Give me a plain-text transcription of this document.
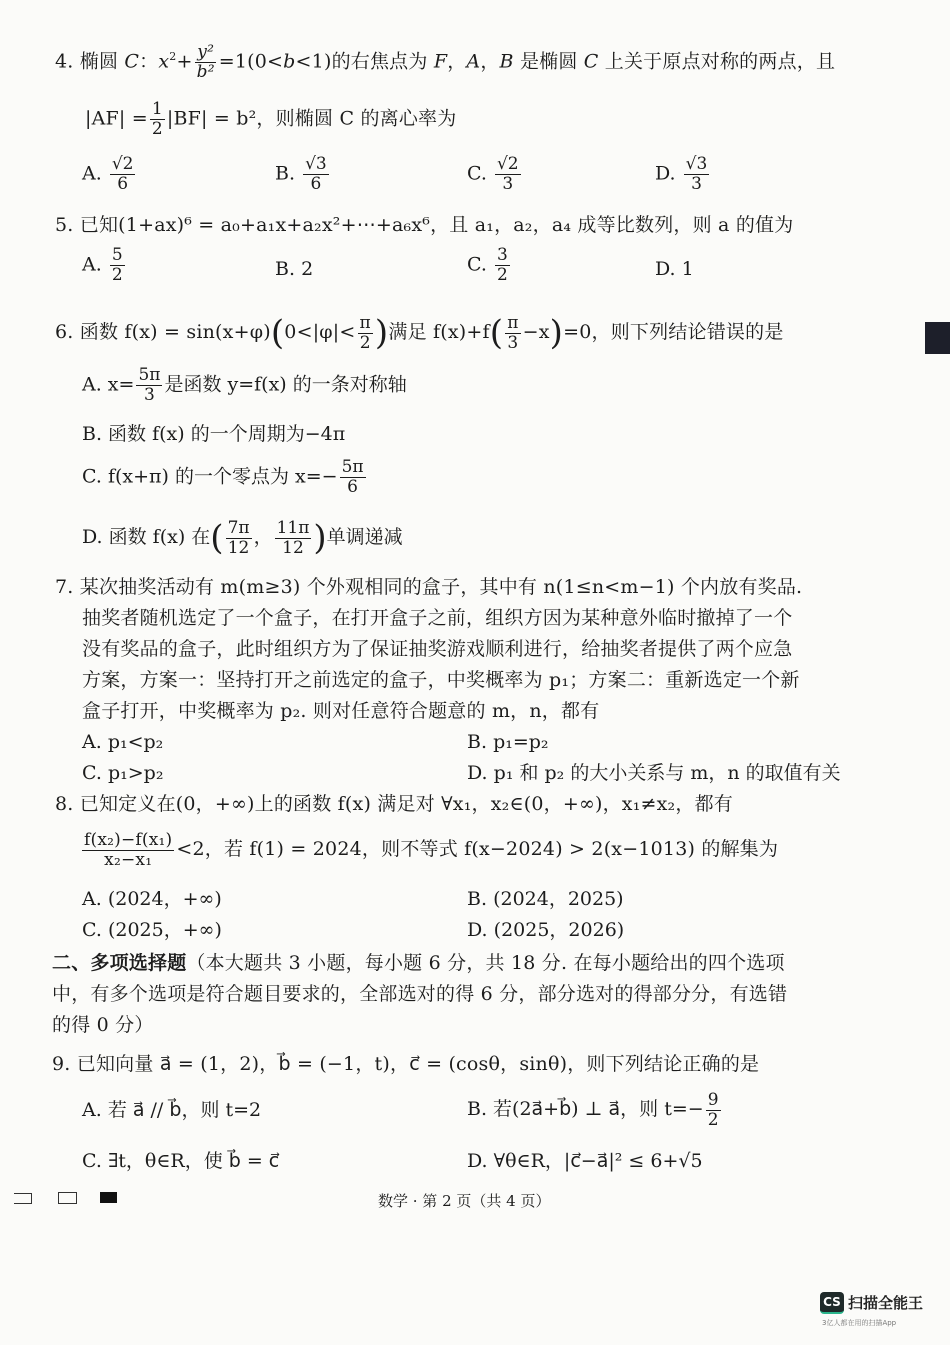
4. 椭圆 C：$x^2+ \frac{\text{y²}}{\text{b²}} =1(0<b<1)$的右焦点为 F，A，B 是椭圆 C 上关于原点对称的两点，且
$|AF| = \frac{1}{2} |BF| = b^2$，则椭圆 C 的离心率为
A. $\frac{√2}{6}$	B. $\frac{√3}{6}$	C. $\frac{√2}{3}$	D. $\frac{√3}{3}$
5. 已知(1+ax)⁶ = a₀+a₁x+a₂x²+⋯+a₆x⁶，且 a₁，a₂，a₄ 成等比数列，则 a 的值为
A. $\frac{5}{2}$	B. 2	C. $\frac{3}{2}$	D. 1
6. 函数 $f(x) = \sin(x+\varphi)(0<|\varphi|< \frac{\pi}{2}$ )满足 $f(x)+f( \frac{\pi}{3} -x)=0$，则下列结论错误的是
A. $x= \frac{5\pi}{3}$ 是函数 y=f(x) 的一条对称轴
B. 函数 f(x) 的一个周期为−4π
C. f(x+π) 的一个零点为 $x=- \frac{5\pi}{6}$
D. 函数 f(x) 在( $\frac{7\pi}{12}$ ， $\frac{11\pi}{12}$ )单调递减
7. 某次抽奖活动有 m(m≥3) 个外观相同的盒子，其中有 n(1≤n<m−1) 个内放有奖品.
抽奖者随机选定了一个盒子，在打开盒子之前，组织方因为某种意外临时撤掉了一个
没有奖品的盒子，此时组织方为了保证抽奖游戏顺利进行，给抽奖者提供了两个应急
方案，方案一：坚持打开之前选定的盒子，中奖概率为 p₁；方案二：重新选定一个新
盒子打开，中奖概率为 p₂. 则对任意符合题意的 m，n，都有
A. p₁<p₂	B. p₁=p₂
C. p₁>p₂	D. p₁ 和 p₂ 的大小关系与 m，n 的取值有关
8. 已知定义在(0，+∞)上的函数 f(x) 满足对 ∀x₁，x₂∈(0，+∞)，x₁≠x₂，都有
$\frac{\text{f(x₂)−f(x₁)}}{\text{x₂−x₁}} <2$，若 f(1) = 2024，则不等式 f(x−2024) > 2(x−1013) 的解集为
A. (2024，+∞)	B. (2024，2025)
C. (2025，+∞)	D. (2025，2026)
二、多项选择题（本大题共 3 小题，每小题 6 分，共 18 分. 在每小题给出的四个选项
中，有多个选项是符合题目要求的，全部选对的得 6 分，部分选对的得部分分，有选错
的得 0 分）
9. 已知向量 a⃗ = (1，2)，b⃗ = (−1，t)，c⃗ = (cosθ，sinθ)，则下列结论正确的是
A. 若 a⃗ // b⃗，则 t=2	B. 若(2a⃗+b⃗) ⊥ a⃗，则 $t=- \frac{9}{2}$
C. ∃t，θ∈R，使 b⃗ = c⃗	D. ∀θ∈R，|c⃗−a⃗|² ≤ 6+√5
数学 · 第 2 页（共 4 页）
CS 扫描全能王
3亿人都在用的扫描App
